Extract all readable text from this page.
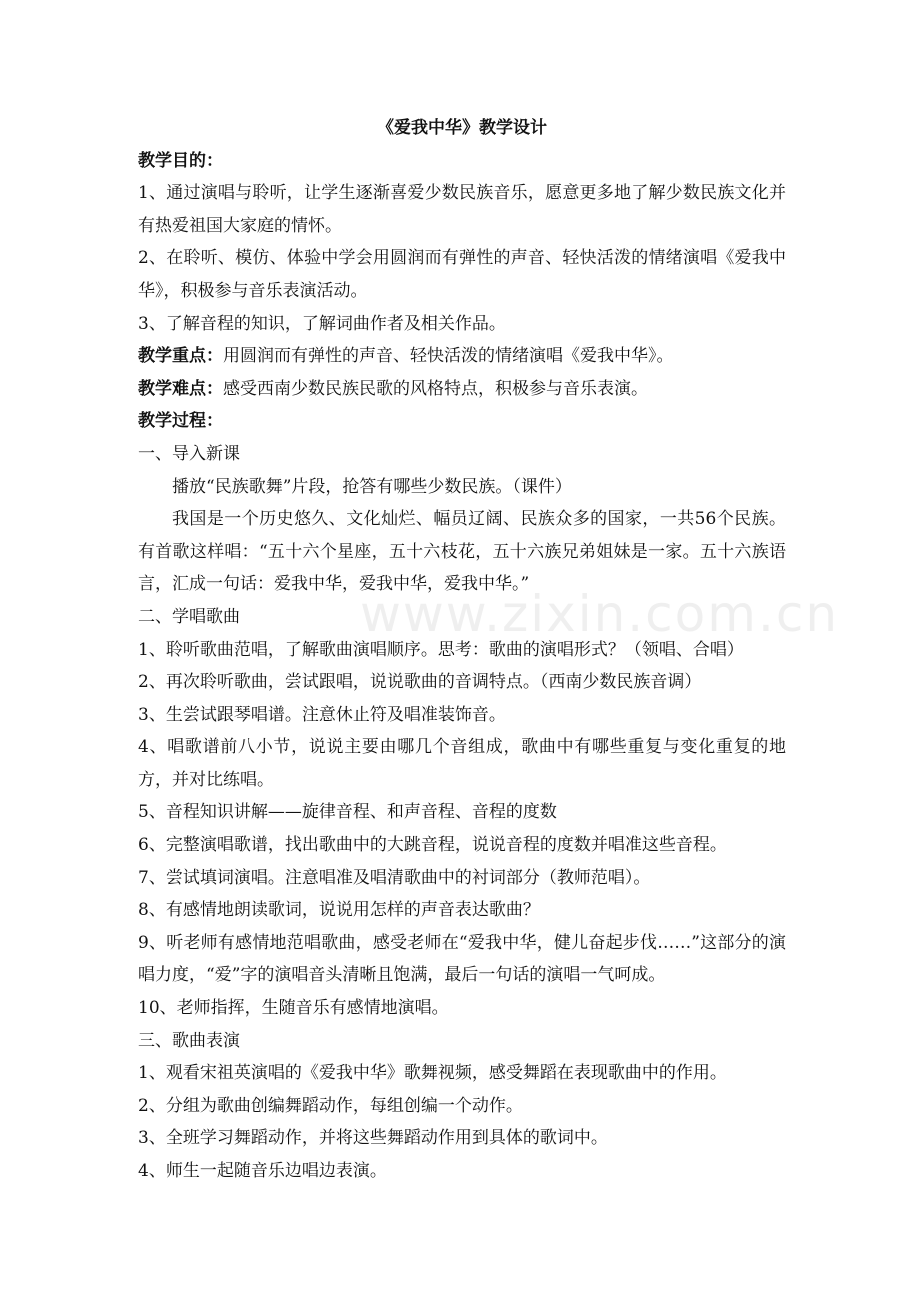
www.zixin.com.cn

《爱我中华》教学设计

教学目的：

1、通过演唱与聆听，让学生逐渐喜爱少数民族音乐，愿意更多地了解少数民族文化并有热爱祖国大家庭的情怀。

2、在聆听、模仿、体验中学会用圆润而有弹性的声音、轻快活泼的情绪演唱《爱我中华》，积极参与音乐表演活动。

3、了解音程的知识，了解词曲作者及相关作品。

教学重点：用圆润而有弹性的声音、轻快活泼的情绪演唱《爱我中华》。

教学难点：感受西南少数民族民歌的风格特点，积极参与音乐表演。

教学过程：

一、导入新课

播放“民族歌舞”片段，抢答有哪些少数民族。（课件）

我国是一个历史悠久、文化灿烂、幅员辽阔、民族众多的国家，一共56个民族。有首歌这样唱：“五十六个星座，五十六枝花，五十六族兄弟姐妹是一家。五十六族语言，汇成一句话：爱我中华，爱我中华，爱我中华。”

二、学唱歌曲

1、聆听歌曲范唱，了解歌曲演唱顺序。思考：歌曲的演唱形式？（领唱、合唱）

2、再次聆听歌曲，尝试跟唱，说说歌曲的音调特点。（西南少数民族音调）

3、生尝试跟琴唱谱。注意休止符及唱准装饰音。

4、唱歌谱前八小节，说说主要由哪几个音组成，歌曲中有哪些重复与变化重复的地方，并对比练唱。

5、音程知识讲解——旋律音程、和声音程、音程的度数

6、完整演唱歌谱，找出歌曲中的大跳音程，说说音程的度数并唱准这些音程。

7、尝试填词演唱。注意唱准及唱清歌曲中的衬词部分（教师范唱）。

8、有感情地朗读歌词，说说用怎样的声音表达歌曲？

9、听老师有感情地范唱歌曲，感受老师在“爱我中华，健儿奋起步伐……”这部分的演唱力度，“爱”字的演唱音头清晰且饱满，最后一句话的演唱一气呵成。

10、老师指挥，生随音乐有感情地演唱。

三、歌曲表演

1、观看宋祖英演唱的《爱我中华》歌舞视频，感受舞蹈在表现歌曲中的作用。

2、分组为歌曲创编舞蹈动作，每组创编一个动作。

3、全班学习舞蹈动作，并将这些舞蹈动作用到具体的歌词中。

4、师生一起随音乐边唱边表演。
